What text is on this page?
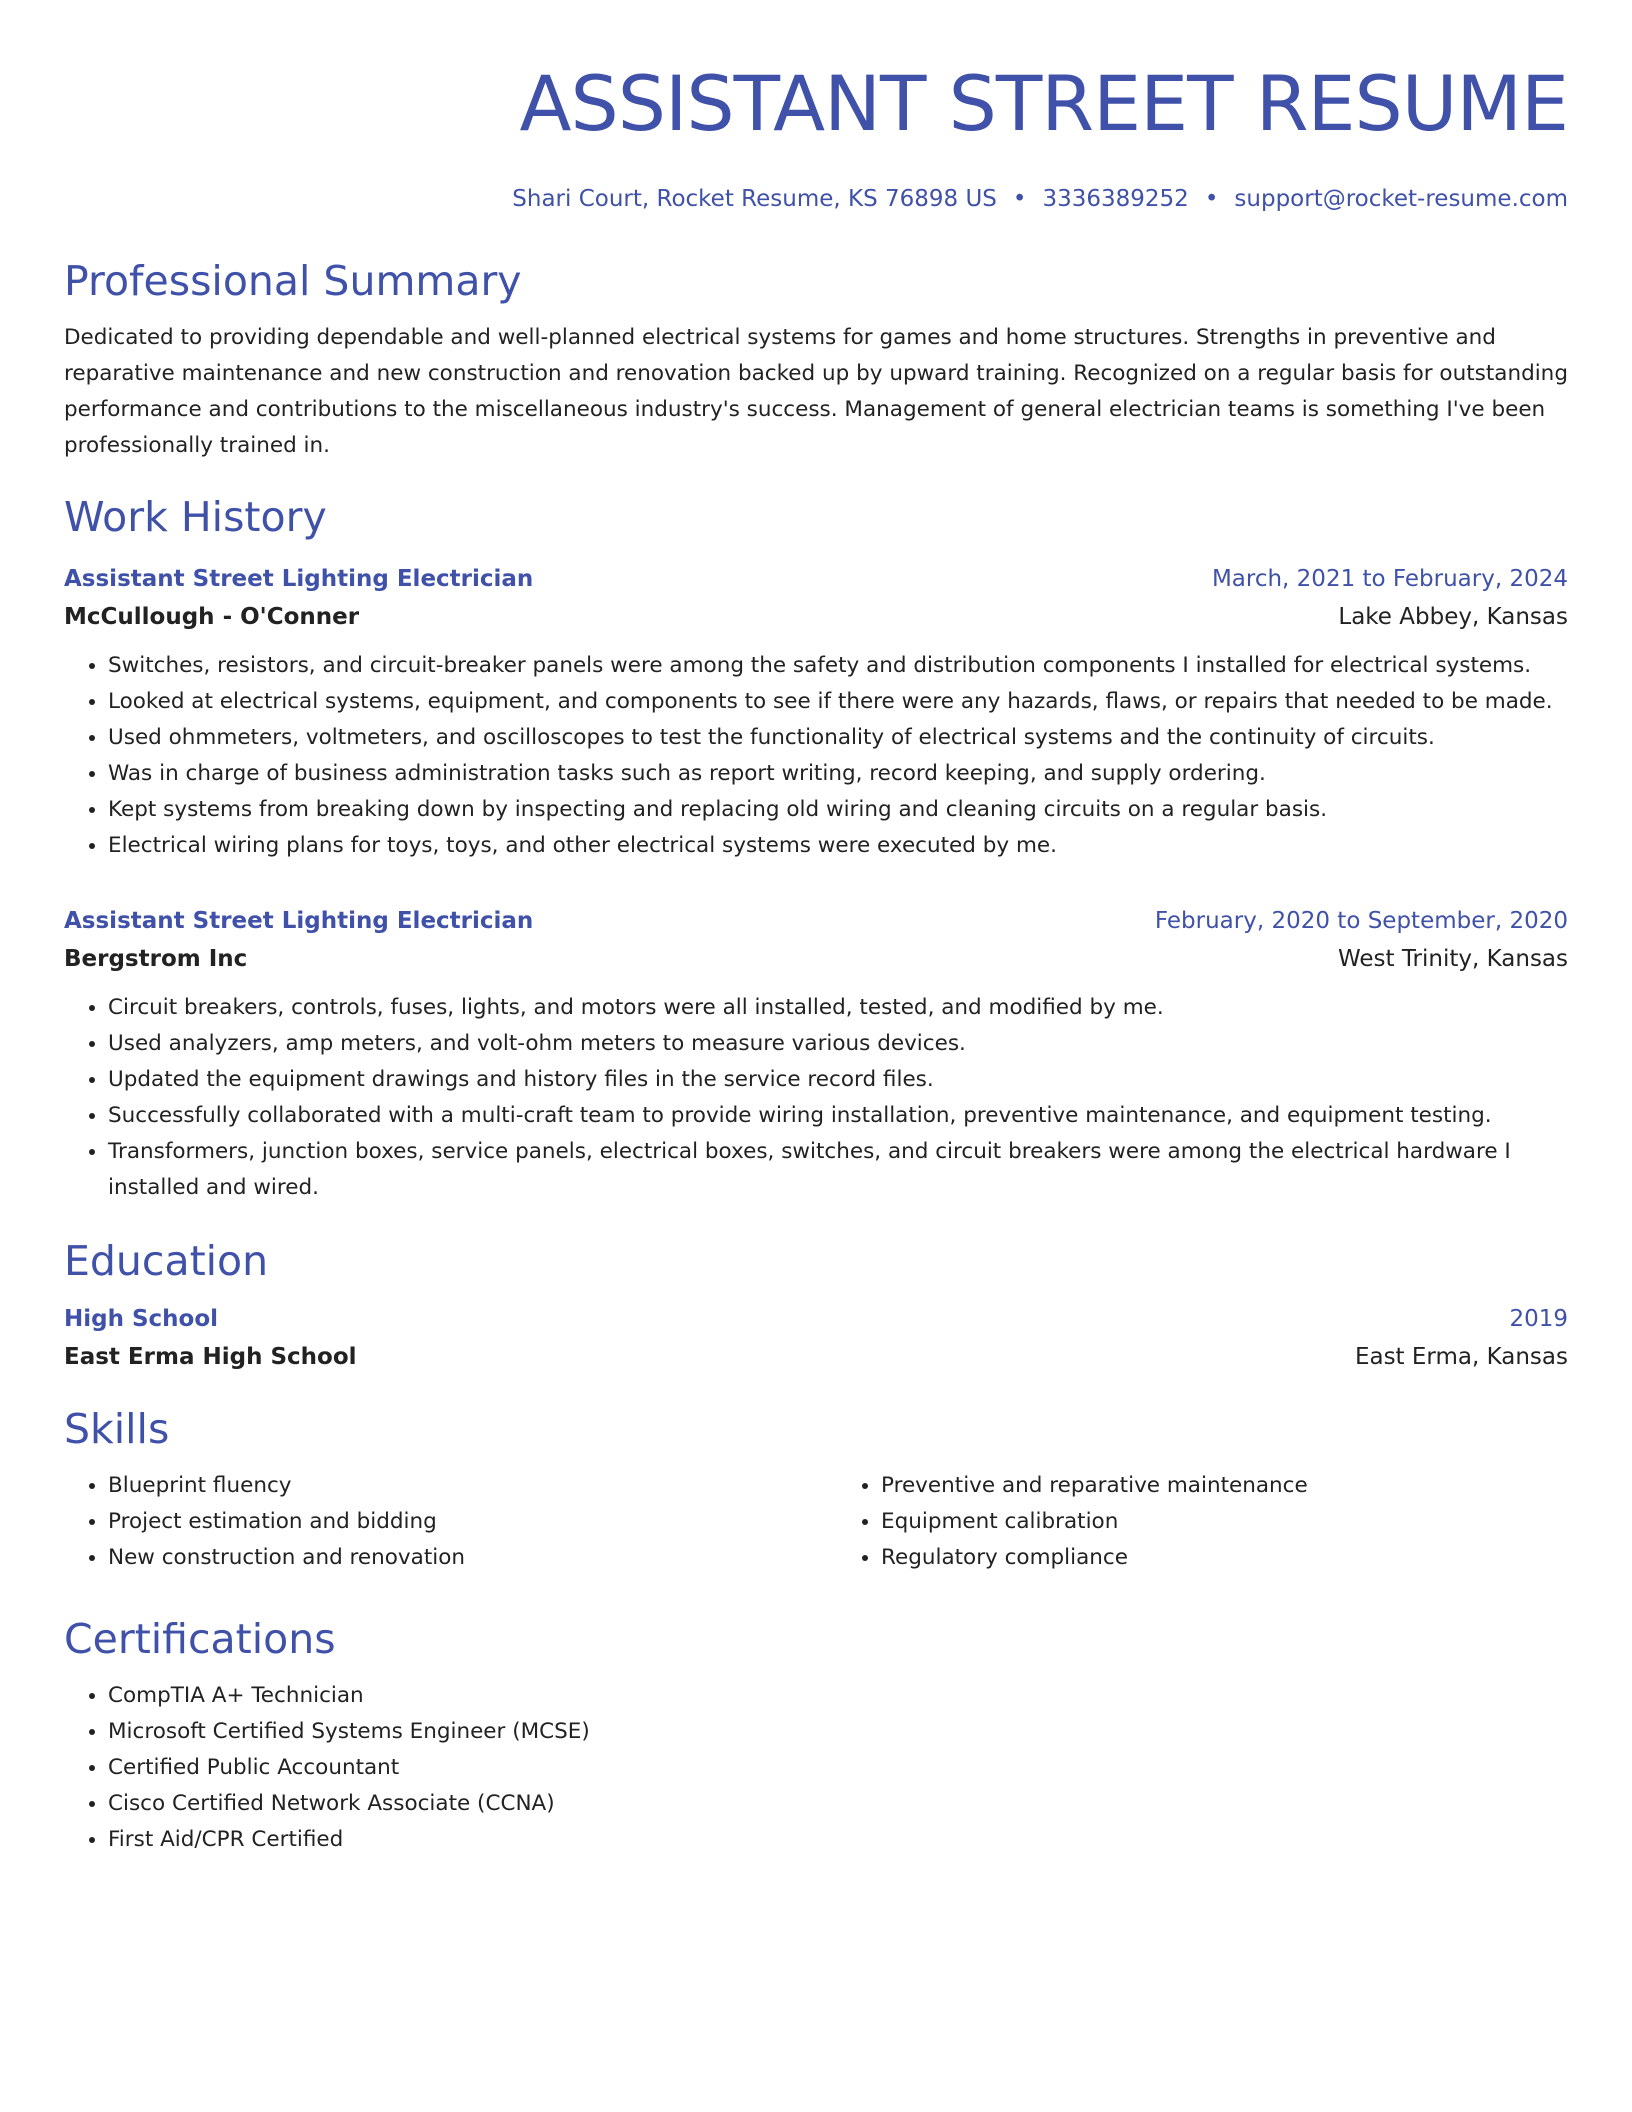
ASSISTANT STREET RESUME
Shari Court, Rocket Resume, KS 76898 US • 3336389252 • support@rocket-resume.com
Professional Summary
Dedicated to providing dependable and well-planned electrical systems for games and home structures. Strengths in preventive and reparative maintenance and new construction and renovation backed up by upward training. Recognized on a regular basis for outstanding performance and contributions to the miscellaneous industry's success. Management of general electrician teams is something I've been professionally trained in.
Work History
Assistant Street Lighting Electrician	March, 2021 to February, 2024
McCullough - O'Conner	Lake Abbey, Kansas
• Switches, resistors, and circuit-breaker panels were among the safety and distribution components I installed for electrical systems.
• Looked at electrical systems, equipment, and components to see if there were any hazards, flaws, or repairs that needed to be made.
• Used ohmmeters, voltmeters, and oscilloscopes to test the functionality of electrical systems and the continuity of circuits.
• Was in charge of business administration tasks such as report writing, record keeping, and supply ordering.
• Kept systems from breaking down by inspecting and replacing old wiring and cleaning circuits on a regular basis.
• Electrical wiring plans for toys, toys, and other electrical systems were executed by me.
Assistant Street Lighting Electrician	February, 2020 to September, 2020
Bergstrom Inc	West Trinity, Kansas
• Circuit breakers, controls, fuses, lights, and motors were all installed, tested, and modified by me.
• Used analyzers, amp meters, and volt-ohm meters to measure various devices.
• Updated the equipment drawings and history files in the service record files.
• Successfully collaborated with a multi-craft team to provide wiring installation, preventive maintenance, and equipment testing.
• Transformers, junction boxes, service panels, electrical boxes, switches, and circuit breakers were among the electrical hardware I installed and wired.
Education
High School	2019
East Erma High School	East Erma, Kansas
Skills
• Blueprint fluency
• Project estimation and bidding
• New construction and renovation
• Preventive and reparative maintenance
• Equipment calibration
• Regulatory compliance
Certifications
• CompTIA A+ Technician
• Microsoft Certified Systems Engineer (MCSE)
• Certified Public Accountant
• Cisco Certified Network Associate (CCNA)
• First Aid/CPR Certified
